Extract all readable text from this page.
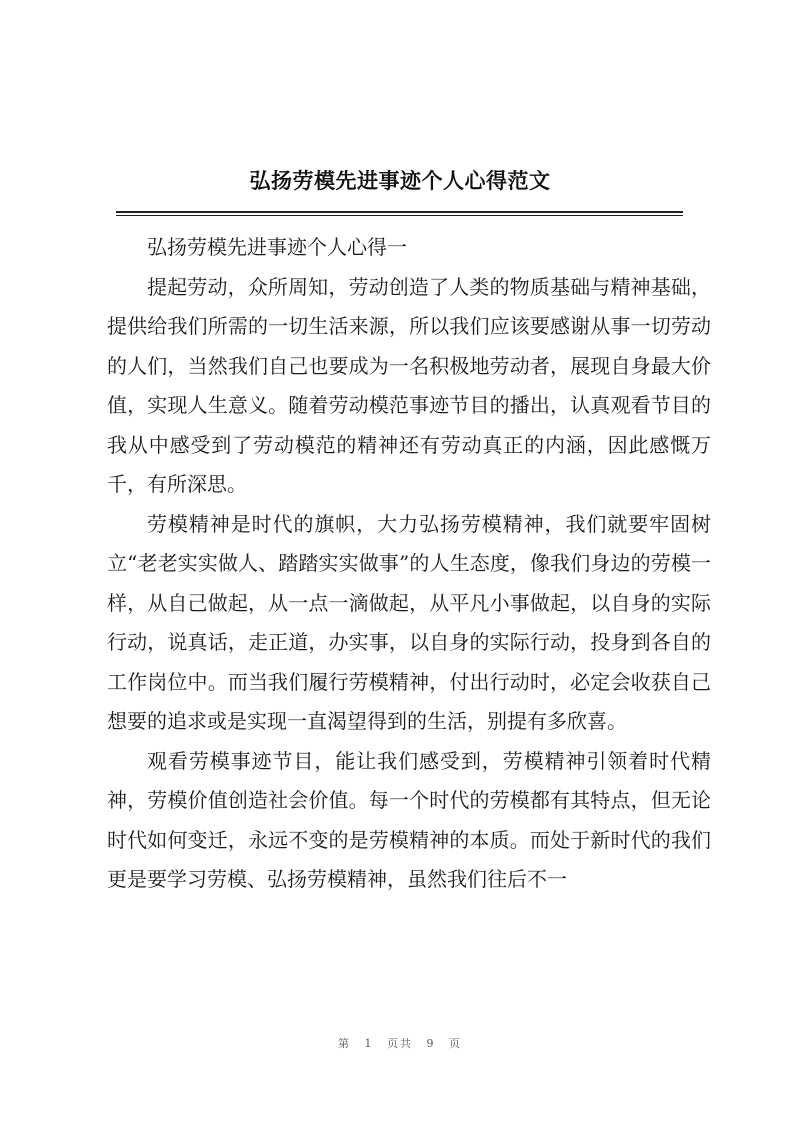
弘扬劳模先进事迹个人心得范文

弘扬劳模先进事迹个人心得一

提起劳动，众所周知，劳动创造了人类的物质基础与精神基础，提供给我们所需的一切生活来源，所以我们应该要感谢从事一切劳动的人们，当然我们自己也要成为一名积极地劳动者，展现自身最大价值，实现人生意义。随着劳动模范事迹节目的播出，认真观看节目的我从中感受到了劳动模范的精神还有劳动真正的内涵，因此感慨万千，有所深思。

劳模精神是时代的旗帜，大力弘扬劳模精神，我们就要牢固树立“老老实实做人、踏踏实实做事”的人生态度，像我们身边的劳模一样，从自己做起，从一点一滴做起，从平凡小事做起，以自身的实际行动，说真话，走正道，办实事，以自身的实际行动，投身到各自的工作岗位中。而当我们履行劳模精神，付出行动时，必定会收获自己想要的追求或是实现一直渴望得到的生活，别提有多欣喜。

观看劳模事迹节目，能让我们感受到，劳模精神引领着时代精神，劳模价值创造社会价值。每一个时代的劳模都有其特点，但无论时代如何变迁，永远不变的是劳模精神的本质。而处于新时代的我们更是要学习劳模、弘扬劳模精神，虽然我们往后不一

第 1 页共 9 页
